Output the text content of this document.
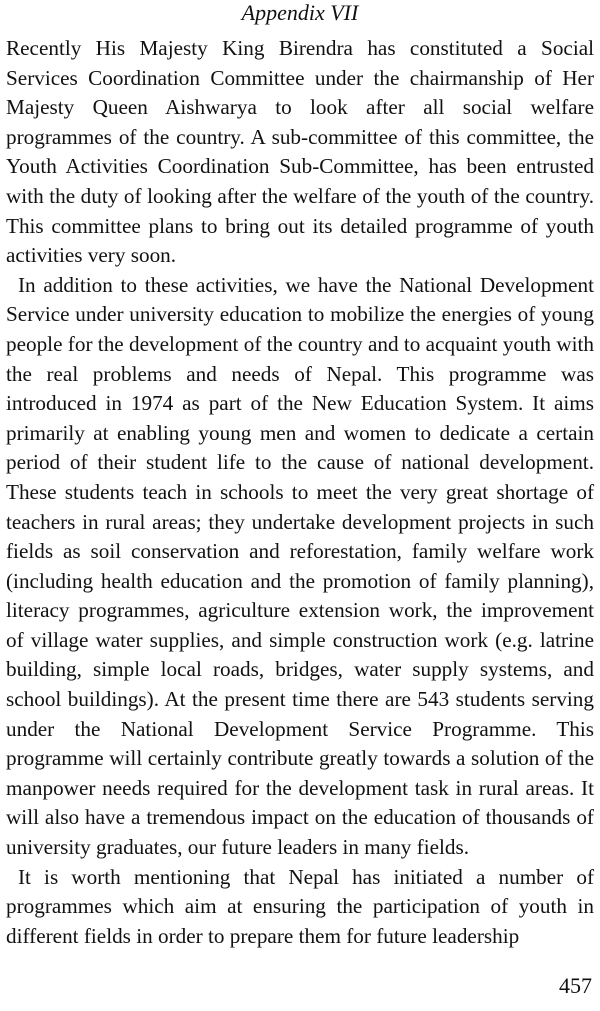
Appendix VII

Recently His Majesty King Birendra has constituted a Social Services Coordination Committee under the chairmanship of Her Majesty Queen Aishwarya to look after all social welfare programmes of the country. A sub-committee of this committee, the Youth Activities Coordination Sub-Committee, has been entrusted with the duty of looking after the welfare of the youth of the country. This committee plans to bring out its detailed programme of youth activities very soon.

In addition to these activities, we have the National Development Service under university education to mobilize the energies of young people for the development of the country and to acquaint youth with the real problems and needs of Nepal. This programme was introduced in 1974 as part of the New Education System. It aims primarily at enabling young men and women to dedicate a certain period of their student life to the cause of national development. These students teach in schools to meet the very great shortage of teachers in rural areas; they undertake development projects in such fields as soil conservation and reforestation, family welfare work (including health education and the promotion of family planning), literacy programmes, agriculture extension work, the improvement of village water supplies, and simple construction work (e.g. latrine building, simple local roads, bridges, water supply systems, and school buildings). At the present time there are 543 students serving under the National Development Service Programme. This programme will certainly contribute greatly towards a solution of the manpower needs required for the development task in rural areas. It will also have a tremendous impact on the education of thousands of university graduates, our future leaders in many fields.

It is worth mentioning that Nepal has initiated a number of programmes which aim at ensuring the participation of youth in different fields in order to prepare them for future leadership

457
